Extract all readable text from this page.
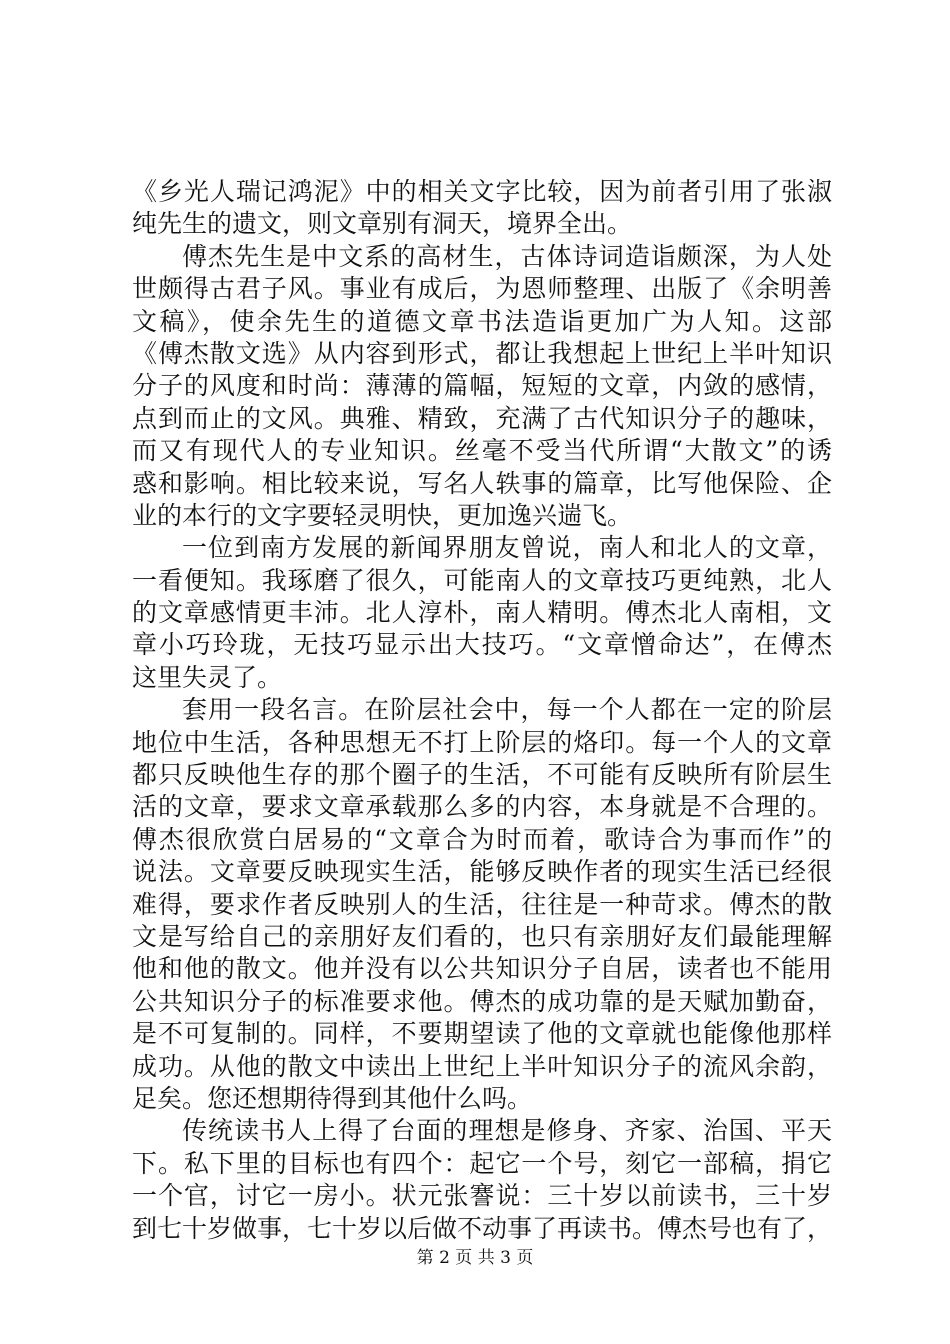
《乡光人瑞记鸿泥》中的相关文字比较，因为前者引用了张淑
纯先生的遗文，则文章别有洞天，境界全出。
傅杰先生是中文系的高材生，古体诗词造诣颇深，为人处
世颇得古君子风。事业有成后，为恩师整理、出版了《余明善
文稿》，使余先生的道德文章书法造诣更加广为人知。这部
《傅杰散文选》从内容到形式，都让我想起上世纪上半叶知识
分子的风度和时尚：薄薄的篇幅，短短的文章，内敛的感情，
点到而止的文风。典雅、精致，充满了古代知识分子的趣味，
而又有现代人的专业知识。丝毫不受当代所谓“大散文”的诱
惑和影响。相比较来说，写名人轶事的篇章，比写他保险、企
业的本行的文字要轻灵明快，更加逸兴遄飞。
一位到南方发展的新闻界朋友曾说，南人和北人的文章，
一看便知。我琢磨了很久，可能南人的文章技巧更纯熟，北人
的文章感情更丰沛。北人淳朴，南人精明。傅杰北人南相，文
章小巧玲珑，无技巧显示出大技巧。“文章憎命达”，在傅杰
这里失灵了。
套用一段名言。在阶层社会中，每一个人都在一定的阶层
地位中生活，各种思想无不打上阶层的烙印。每一个人的文章
都只反映他生存的那个圈子的生活，不可能有反映所有阶层生
活的文章，要求文章承载那么多的内容，本身就是不合理的。
傅杰很欣赏白居易的“文章合为时而着，歌诗合为事而作”的
说法。文章要反映现实生活，能够反映作者的现实生活已经很
难得，要求作者反映别人的生活，往往是一种苛求。傅杰的散
文是写给自己的亲朋好友们看的，也只有亲朋好友们最能理解
他和他的散文。他并没有以公共知识分子自居，读者也不能用
公共知识分子的标准要求他。傅杰的成功靠的是天赋加勤奋，
是不可复制的。同样，不要期望读了他的文章就也能像他那样
成功。从他的散文中读出上世纪上半叶知识分子的流风余韵，
足矣。您还想期待得到其他什么吗。
传统读书人上得了台面的理想是修身、齐家、治国、平天
下。私下里的目标也有四个：起它一个号，刻它一部稿，捐它
一个官，讨它一房小。状元张謇说：三十岁以前读书，三十岁
到七十岁做事，七十岁以后做不动事了再读书。傅杰号也有了，
第 2 页 共 3 页
